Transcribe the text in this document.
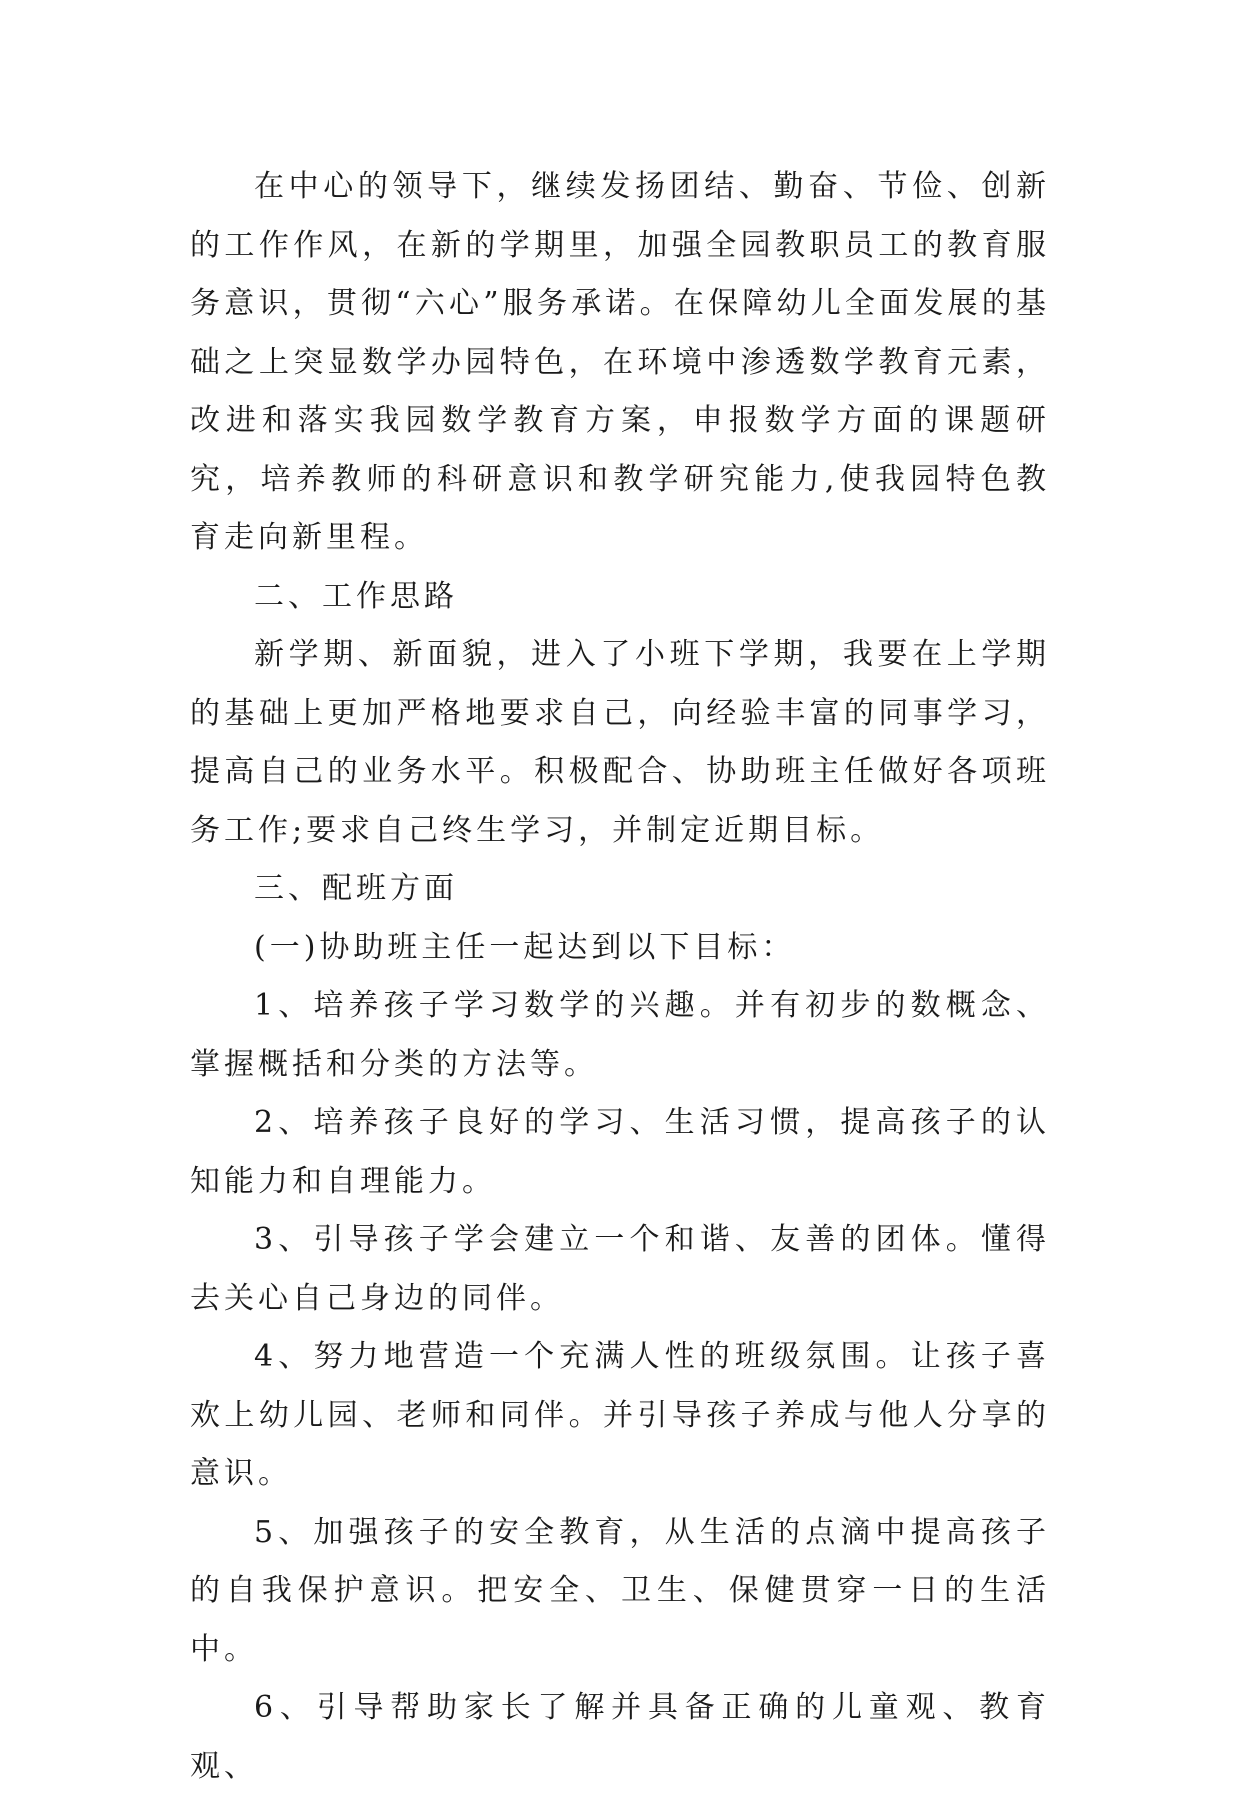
在中心的领导下，继续发扬团结、勤奋、节俭、创新的工作作风，在新的学期里，加强全园教职员工的教育服务意识，贯彻“六心”服务承诺。在保障幼儿全面发展的基础之上突显数学办园特色，在环境中渗透数学教育元素，改进和落实我园数学教育方案，申报数学方面的课题研究，培养教师的科研意识和教学研究能力,使我园特色教育走向新里程。

二、工作思路

新学期、新面貌，进入了小班下学期，我要在上学期的基础上更加严格地要求自己，向经验丰富的同事学习，提高自己的业务水平。积极配合、协助班主任做好各项班务工作;要求自己终生学习，并制定近期目标。

三、配班方面

(一)协助班主任一起达到以下目标：

1、培养孩子学习数学的兴趣。并有初步的数概念、掌握概括和分类的方法等。

2、培养孩子良好的学习、生活习惯，提高孩子的认知能力和自理能力。

3、引导孩子学会建立一个和谐、友善的团体。懂得去关心自己身边的同伴。

4、努力地营造一个充满人性的班级氛围。让孩子喜欢上幼儿园、老师和同伴。并引导孩子养成与他人分享的意识。

5、加强孩子的安全教育，从生活的点滴中提高孩子的自我保护意识。把安全、卫生、保健贯穿一日的生活中。

6、引导帮助家长了解并具备正确的儿童观、教育观、
